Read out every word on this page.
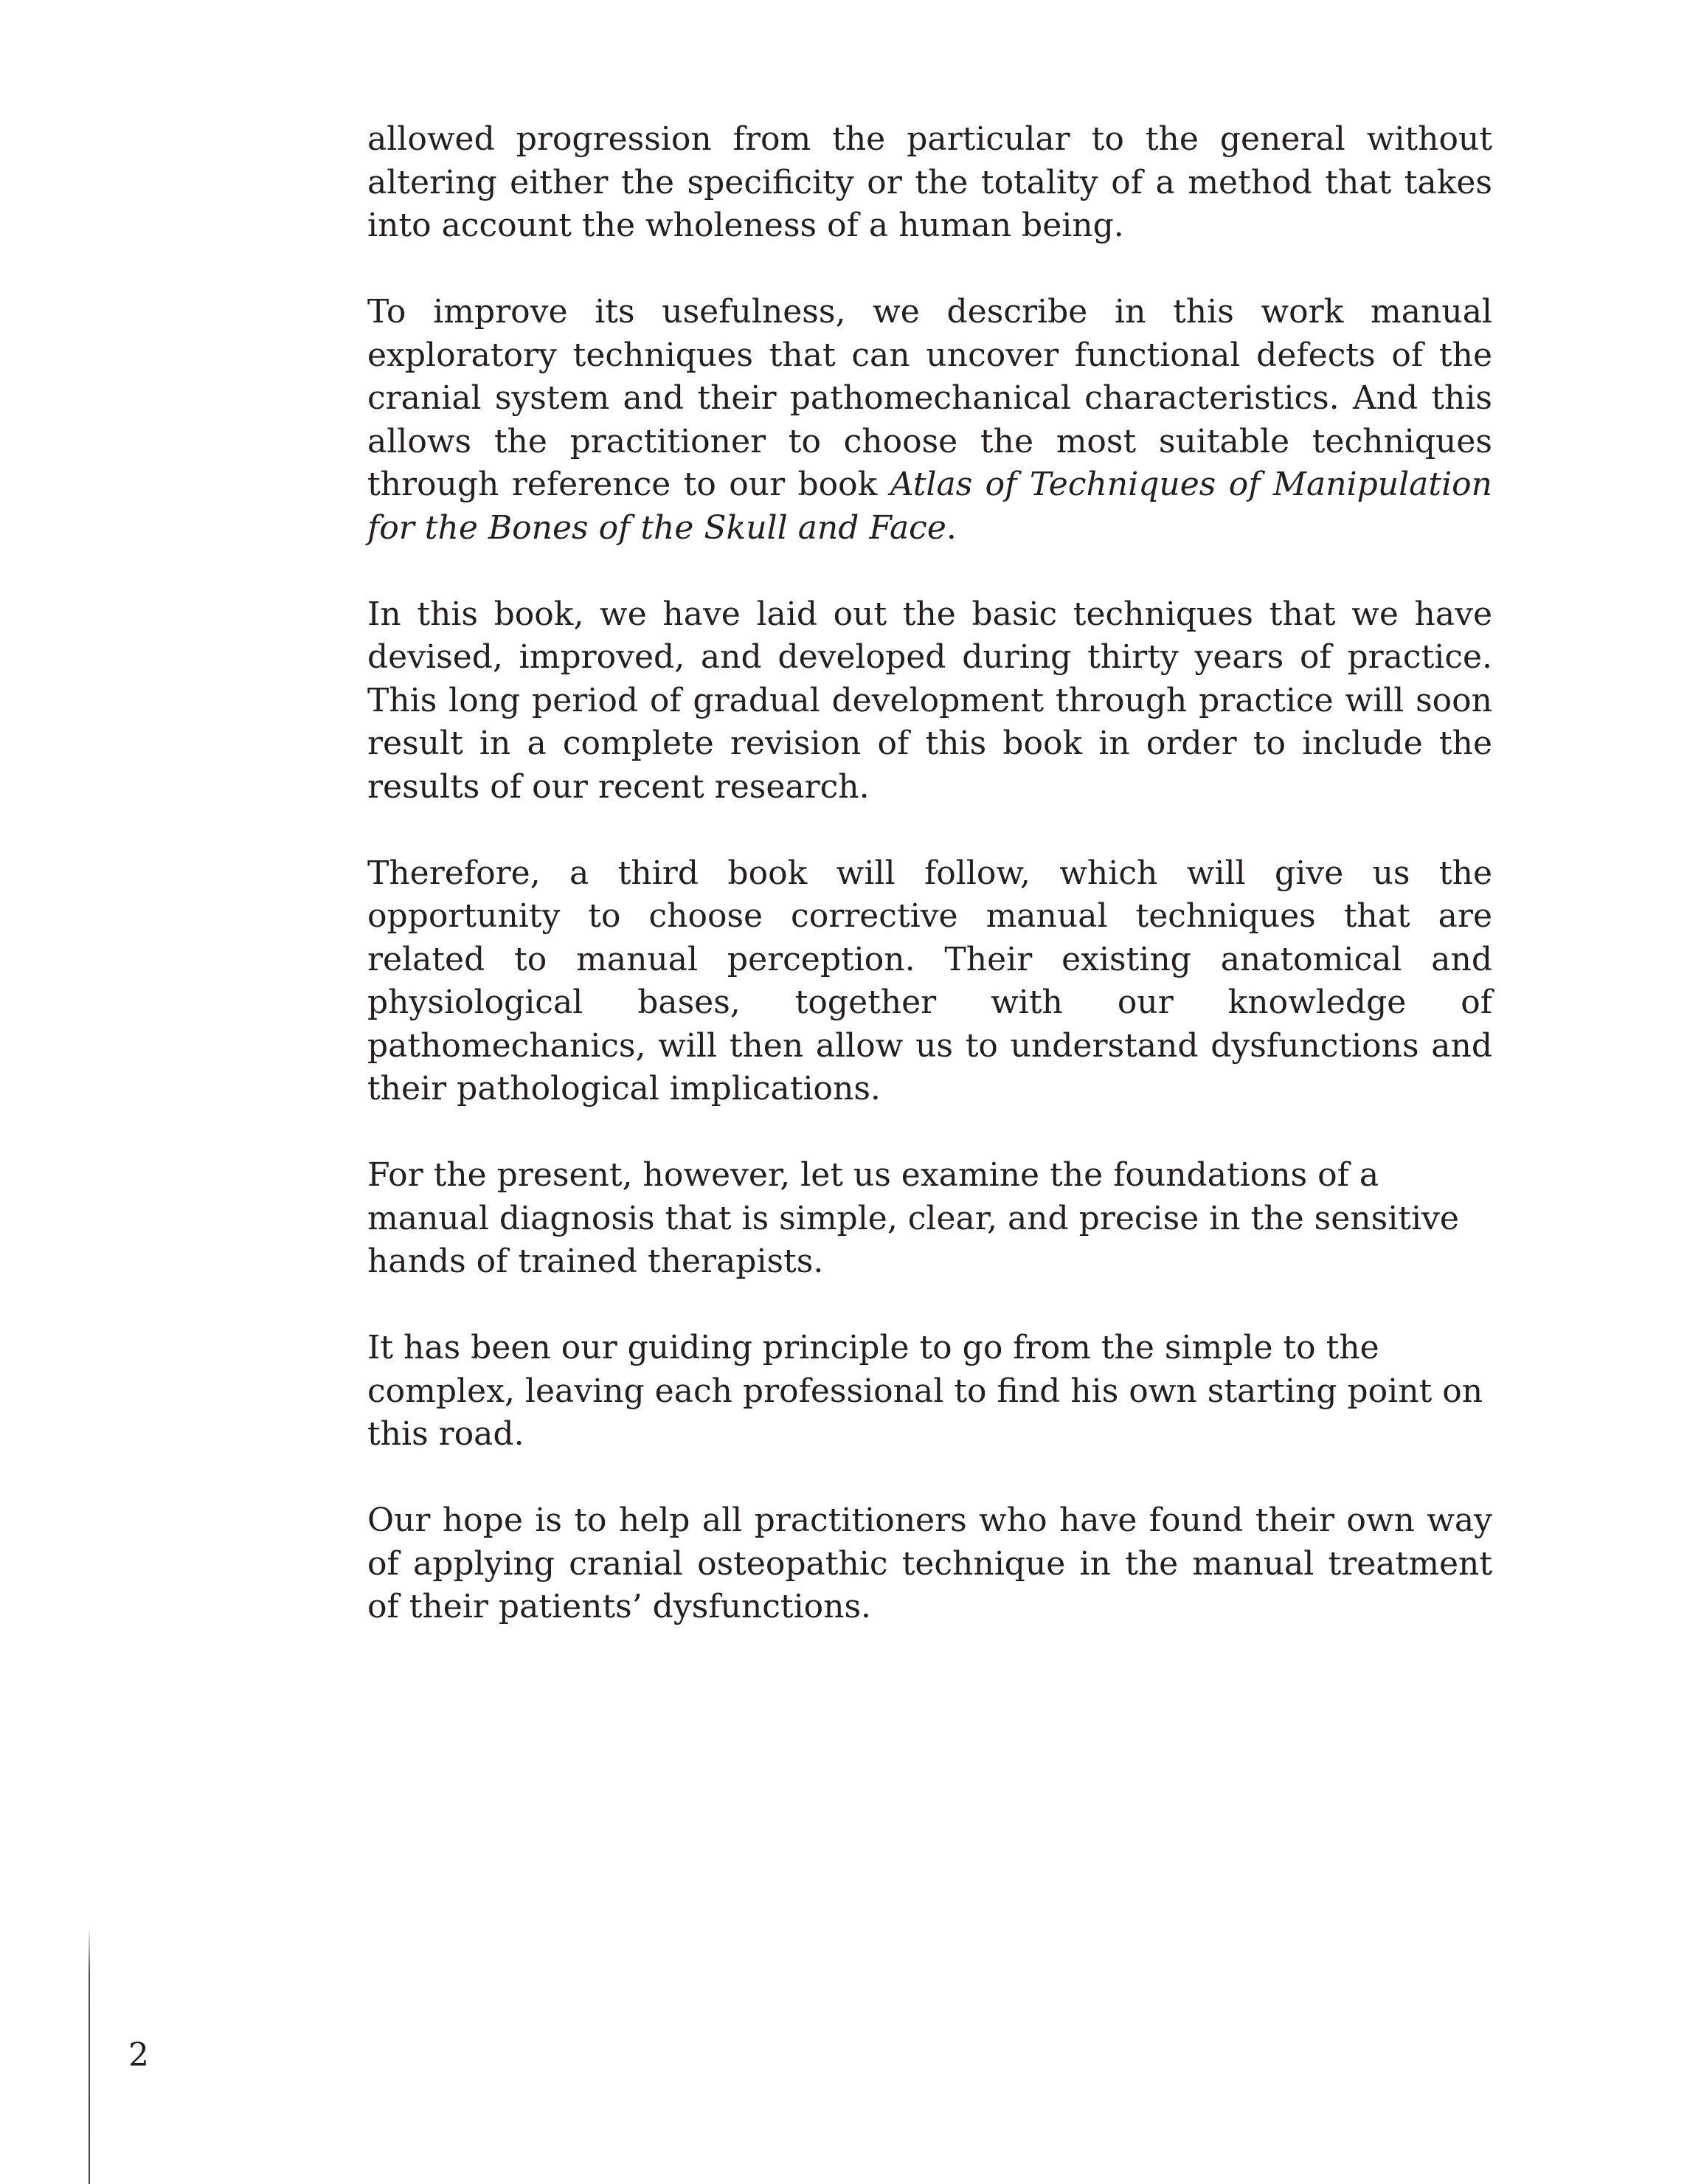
allowed progression from the particular to the general without altering either the specificity or the totality of a method that takes into account the wholeness of a human being.

To improve its usefulness, we describe in this work manual exploratory techniques that can uncover functional defects of the cranial system and their pathomechanical characteristics. And this allows the practitioner to choose the most suitable techniques through reference to our book Atlas of Techniques of Manipulation for the Bones of the Skull and Face.

In this book, we have laid out the basic techniques that we have devised, improved, and developed during thirty years of practice. This long period of gradual development through practice will soon result in a complete revision of this book in order to include the results of our recent research.

Therefore, a third book will follow, which will give us the opportunity to choose corrective manual techniques that are related to manual perception. Their existing anatomical and physiological bases, together with our knowledge of pathomechanics, will then allow us to understand dysfunctions and their pathological implications.

For the present, however, let us examine the foundations of a manual diagnosis that is simple, clear, and precise in the sensitive hands of trained therapists.

It has been our guiding principle to go from the simple to the complex, leaving each professional to find his own starting point on this road.

Our hope is to help all practitioners who have found their own way of applying cranial osteopathic technique in the manual treatment of their patients’ dysfunctions.

2
